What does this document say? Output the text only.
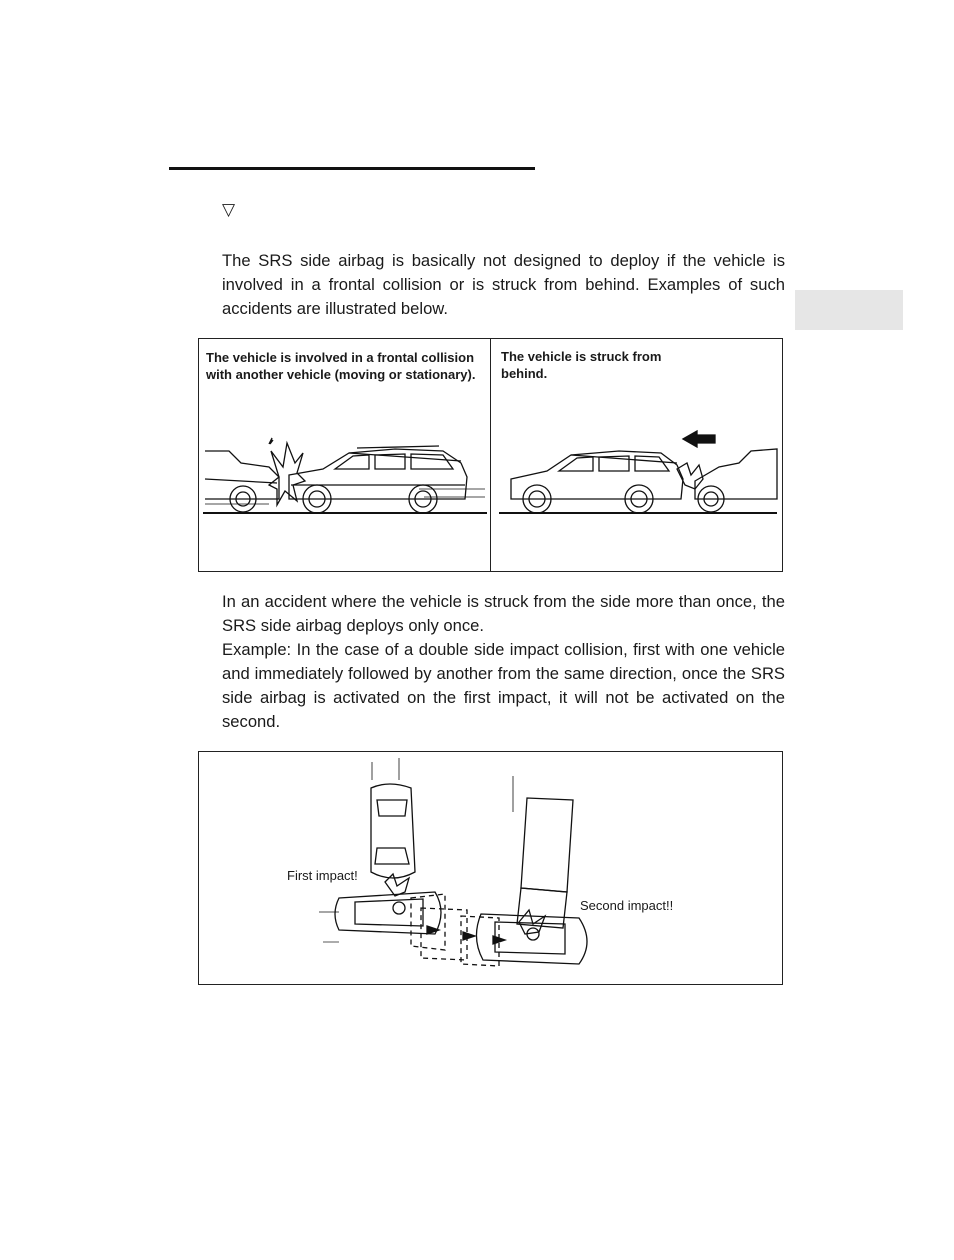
▽

The SRS side airbag is basically not designed to deploy if the vehicle is involved in a frontal collision or is struck from behind. Examples of such accidents are illustrated below.

The vehicle is involved in a frontal collision with another vehicle (moving or stationary).

The vehicle is struck from behind.

In an accident where the vehicle is struck from the side more than once, the SRS side airbag deploys only once.

Example: In the case of a double side impact collision, first with one vehicle and immediately followed by another from the same direction, once the SRS side airbag is activated on the first impact, it will not be activated on the second.

First impact!
Second impact!!
